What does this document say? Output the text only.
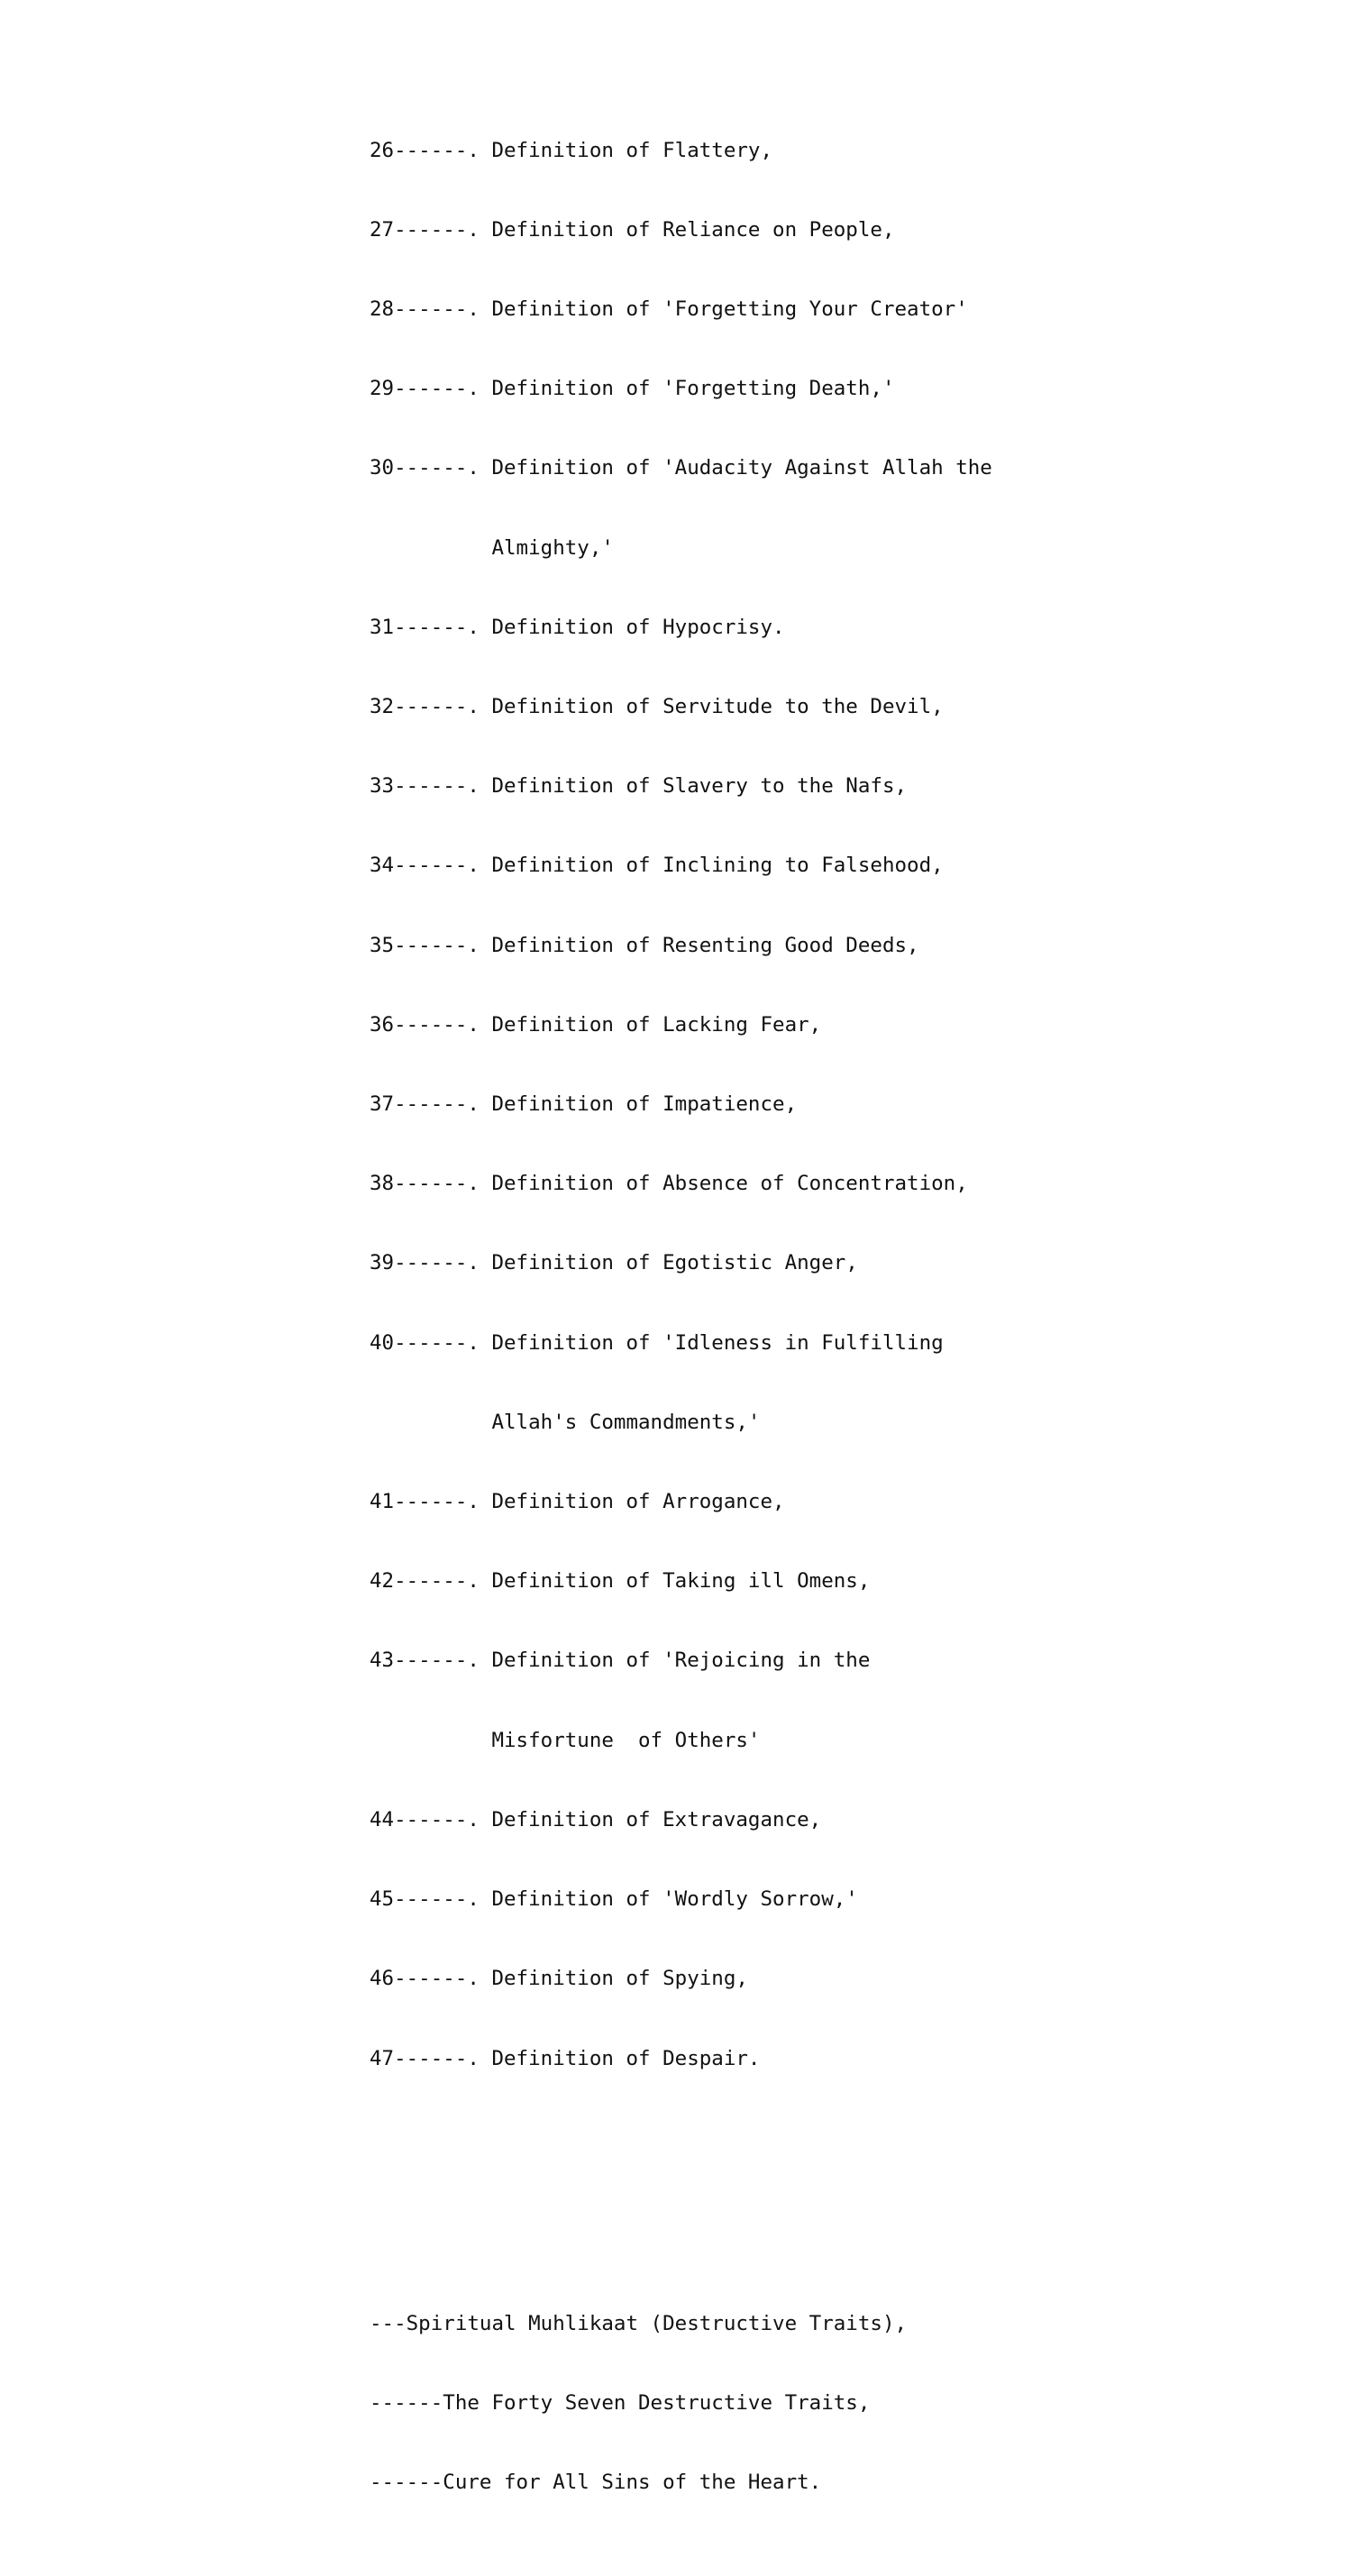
26------. Definition of Flattery,

27------. Definition of Reliance on People,

28------. Definition of 'Forgetting Your Creator'

29------. Definition of 'Forgetting Death,'

30------. Definition of 'Audacity Against Allah the

Almighty,'

31------. Definition of Hypocrisy.

32------. Definition of Servitude to the Devil,

33------. Definition of Slavery to the Nafs,

34------. Definition of Inclining to Falsehood,

35------. Definition of Resenting Good Deeds,

36------. Definition of Lacking Fear,

37------. Definition of Impatience,

38------. Definition of Absence of Concentration,

39------. Definition of Egotistic Anger,

40------. Definition of 'Idleness in Fulfilling

Allah's Commandments,'

41------. Definition of Arrogance,

42------. Definition of Taking ill Omens,

43------. Definition of 'Rejoicing in the

Misfortune  of Others'

44------. Definition of Extravagance,

45------. Definition of 'Wordly Sorrow,'

46------. Definition of Spying,

47------. Definition of Despair.

---Spiritual Muhlikaat (Destructive Traits),

------The Forty Seven Destructive Traits,

------Cure for All Sins of the Heart.
